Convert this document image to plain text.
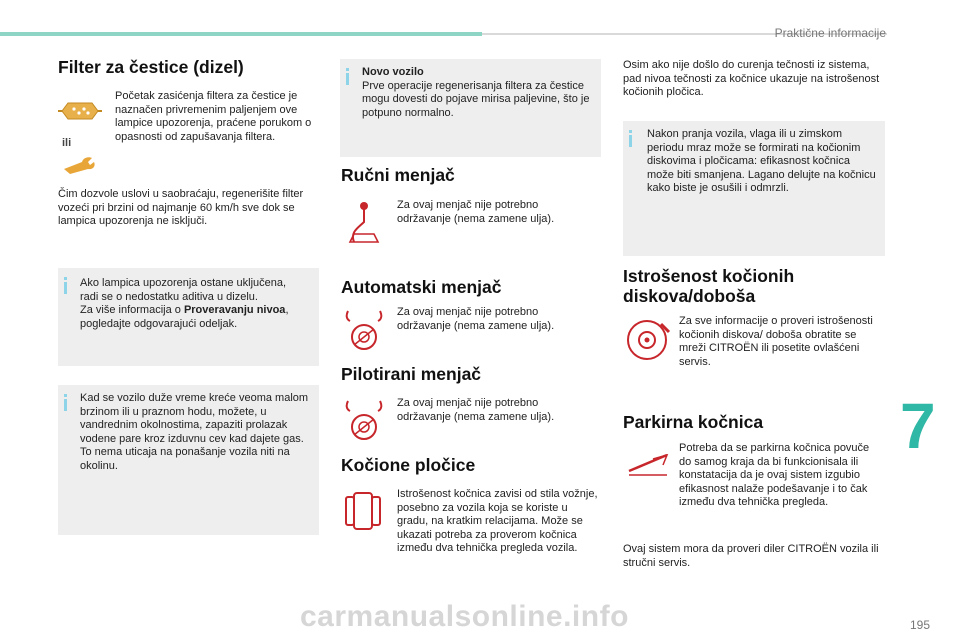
Praktične informacije
Filter za čestice (dizel)
ili
Početak zasićenja filtera za čestice je naznačen privremenim paljenjem ove lampice upozorenja, praćene porukom o opasnosti od zapušavanja filtera.
Čim dozvole uslovi u saobraćaju, regenerišite filter vozeći pri brzini od najmanje 60 km/h sve dok se lampica upozorenja ne isključi.
Ako lampica upozorenja ostane uključena,
radi se o nedostatku aditiva u dizelu.
Za više informacija o Proveravanju nivoa, pogledajte odgovarajući odeljak.
Kad se vozilo duže vreme kreće veoma malom brzinom ili u praznom hodu, možete, u vandrednim okolnostima, zapaziti prolazak vodene pare kroz izduvnu cev kad dajete gas. To nema uticaja na ponašanje vozila niti na okolinu.
Novo vozilo
Prve operacije regenerisanja filtera za čestice mogu dovesti do pojave mirisa paljevine, što je potpuno normalno.
Ručni menjač
Za ovaj menjač nije potrebno održavanje (nema zamene ulja).
Automatski menjač
Za ovaj menjač nije potrebno održavanje (nema zamene ulja).
Pilotirani menjač
Za ovaj menjač nije potrebno održavanje (nema zamene ulja).
Kočione pločice
Istrošenost kočnica zavisi od stila vožnje, posebno za vozila koja se koriste u gradu, na kratkim relacijama. Može se ukazati potreba za proverom kočnica između dva tehnička pregleda vozila.
Osim ako nije došlo do curenja tečnosti iz sistema, pad nivoa tečnosti za kočnice ukazuje na istrošenost kočionih pločica.
Nakon pranja vozila, vlaga ili u zimskom periodu mraz može se formirati na kočionim diskovima i pločicama: efikasnost kočnica može biti smanjena. Lagano delujte na kočnicu kako biste je osušili i odmrzli.
Istrošenost kočionih
diskova/doboša
Za sve informacije o proveri istrošenosti kočionih diskova/ doboša obratite se mreži CITROËN ili posetite ovlašćeni servis.
Parkirna kočnica
Potreba da se parkirna kočnica povuče do samog kraja da bi funkcionisala ili konstatacija da je ovaj sistem izgubio efikasnost nalaže podešavanje i to čak između dva tehnička pregleda.
Ovaj sistem mora da proveri diler CITROËN vozila ili stručni servis.
7
carmanualsonline.info	195
